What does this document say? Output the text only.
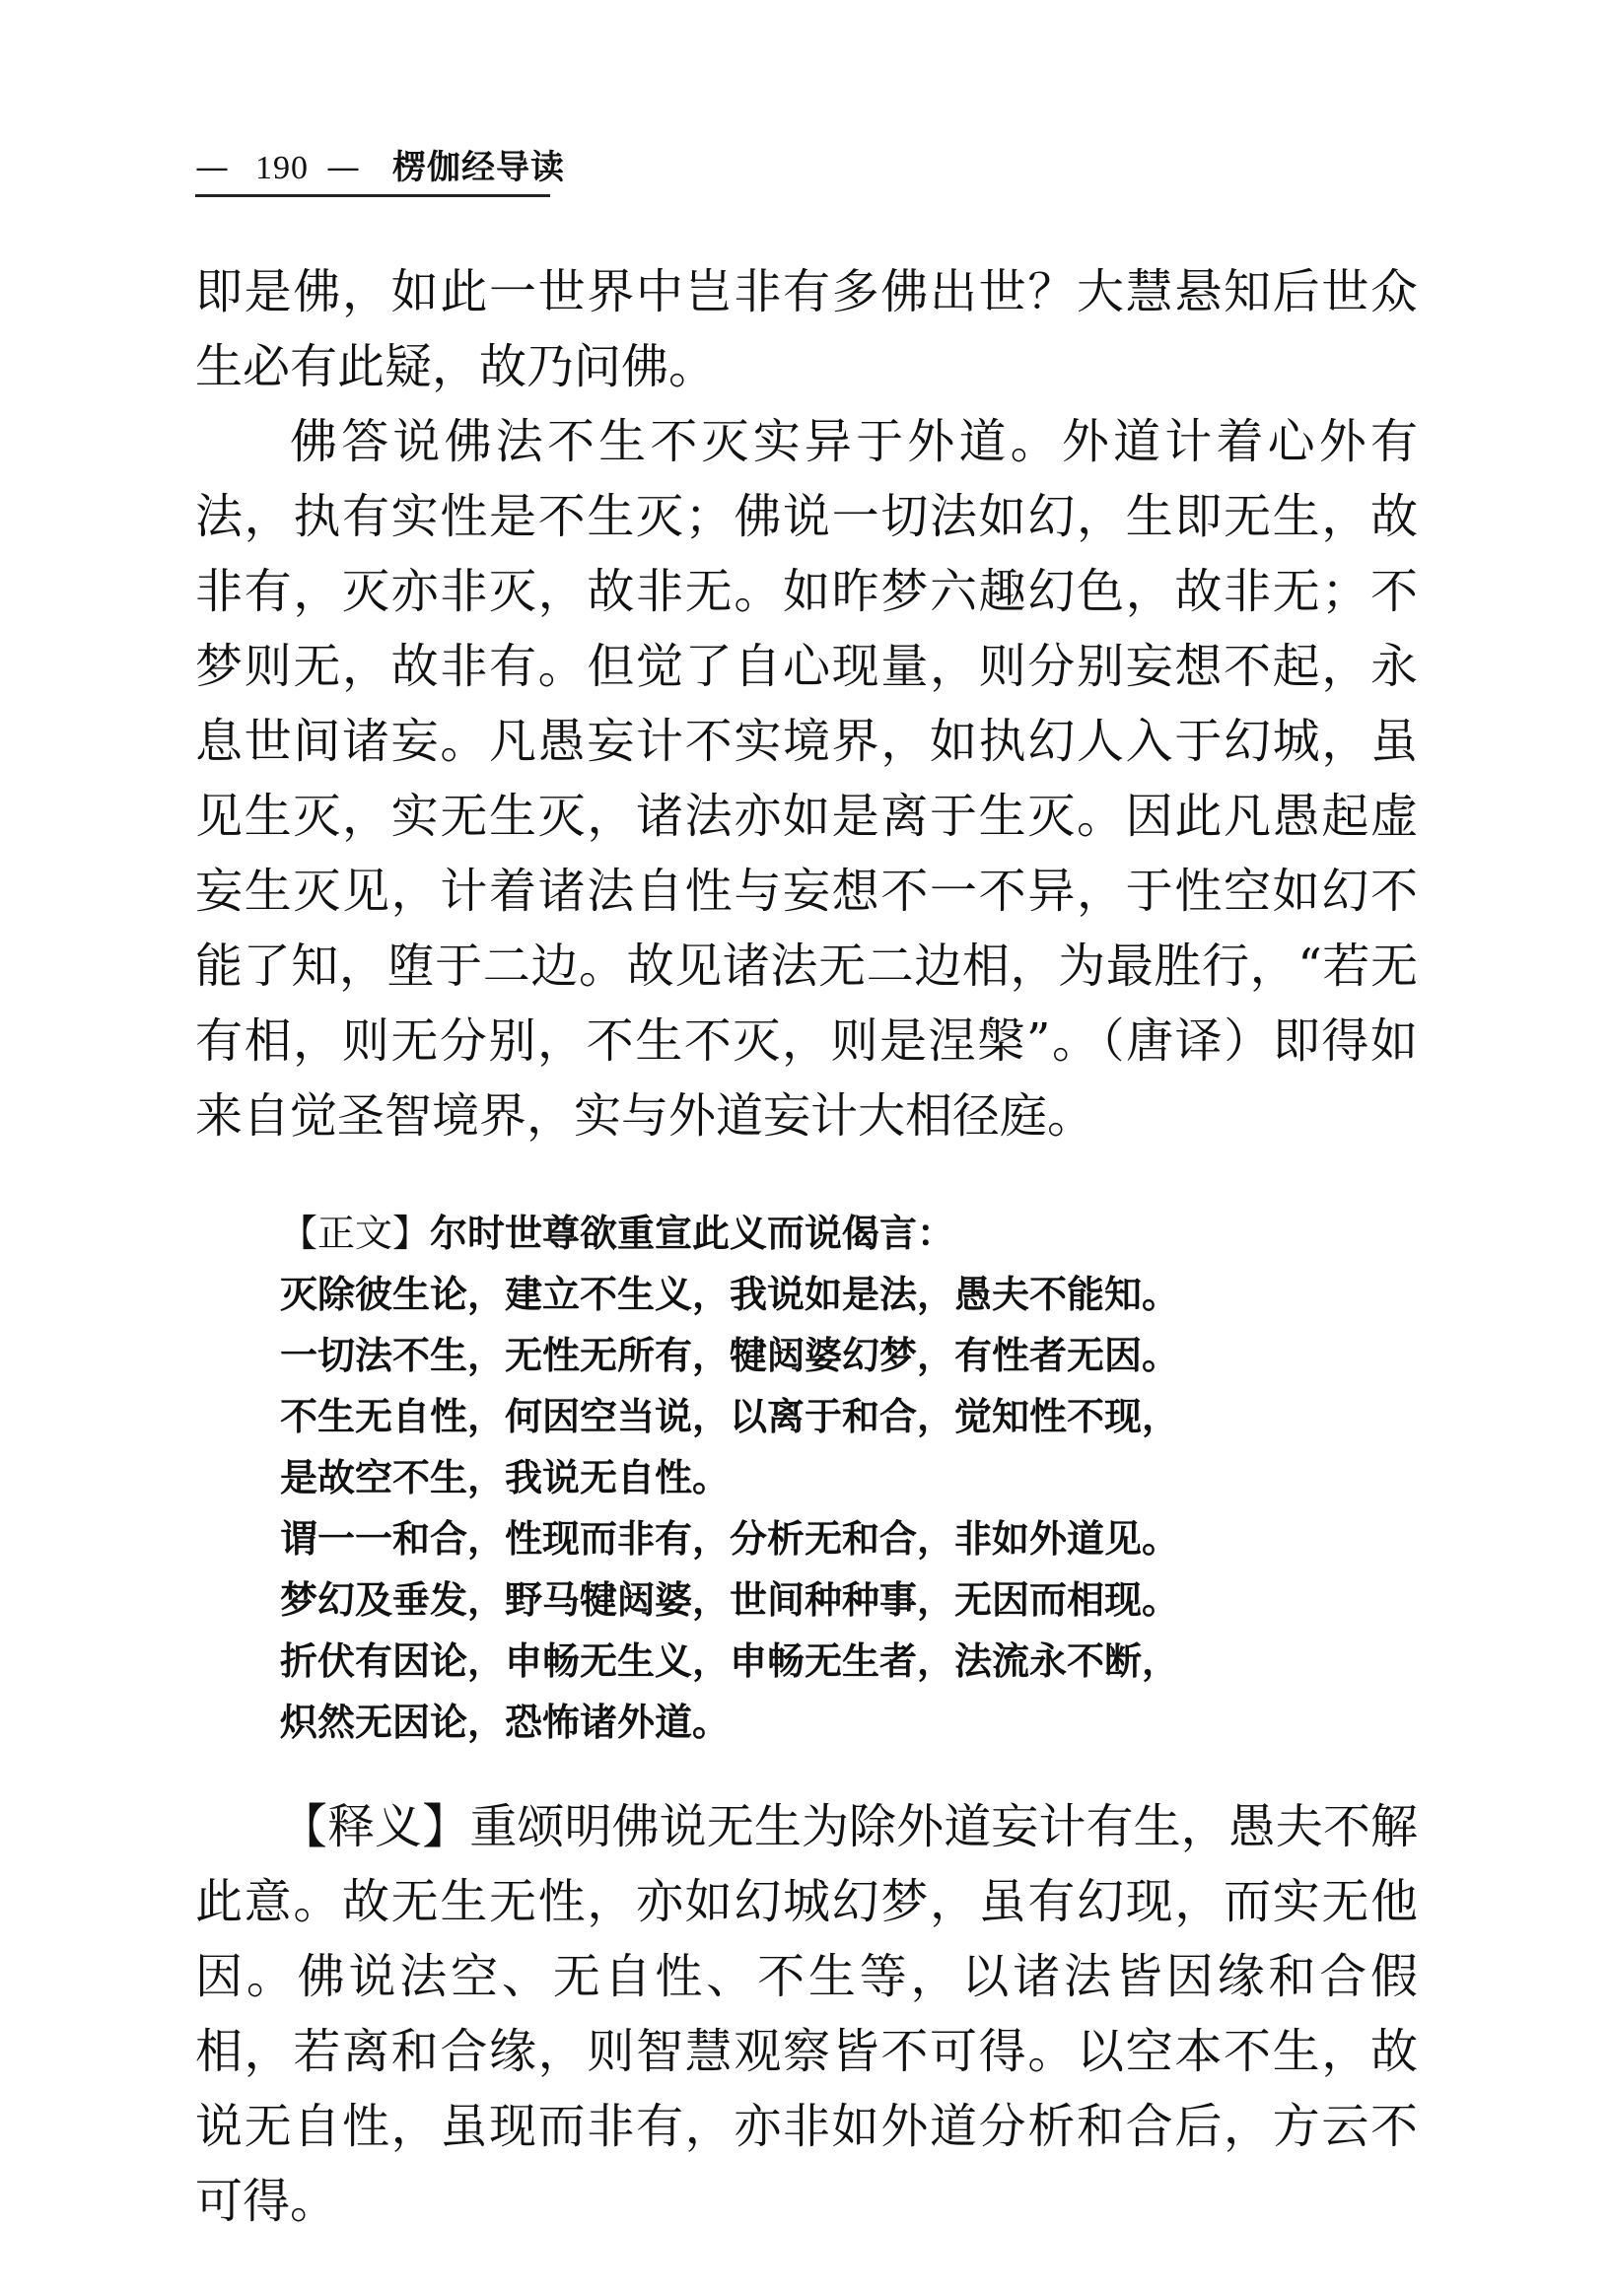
— 190 — 楞伽经导读

即是佛，如此一世界中岂非有多佛出世？大慧悬知后世众生必有此疑，故乃问佛。

佛答说佛法不生不灭实异于外道。外道计着心外有法，执有实性是不生灭；佛说一切法如幻，生即无生，故非有，灭亦非灭，故非无。如昨梦六趣幻色，故非无；不梦则无，故非有。但觉了自心现量，则分别妄想不起，永息世间诸妄。凡愚妄计不实境界，如执幻人入于幻城，虽见生灭，实无生灭，诸法亦如是离于生灭。因此凡愚起虚妄生灭见，计着诸法自性与妄想不一不异，于性空如幻不能了知，堕于二边。故见诸法无二边相，为最胜行，“若无有相，则无分别，不生不灭，则是涅槃”。（唐译）即得如来自觉圣智境界，实与外道妄计大相径庭。

【正文】尔时世尊欲重宣此义而说偈言：
灭除彼生论，建立不生义，我说如是法，愚夫不能知。
一切法不生，无性无所有，犍闼婆幻梦，有性者无因。
不生无自性，何因空当说，以离于和合，觉知性不现，
是故空不生，我说无自性。
谓一一和合，性现而非有，分析无和合，非如外道见。
梦幻及垂发，野马犍闼婆，世间种种事，无因而相现。
折伏有因论，申畅无生义，申畅无生者，法流永不断，
炽然无因论，恐怖诸外道。

【释义】重颂明佛说无生为除外道妄计有生，愚夫不解此意。故无生无性，亦如幻城幻梦，虽有幻现，而实无他因。佛说法空、无自性、不生等，以诸法皆因缘和合假相，若离和合缘，则智慧观察皆不可得。以空本不生，故说无自性，虽现而非有，亦非如外道分析和合后，方云不可得。
